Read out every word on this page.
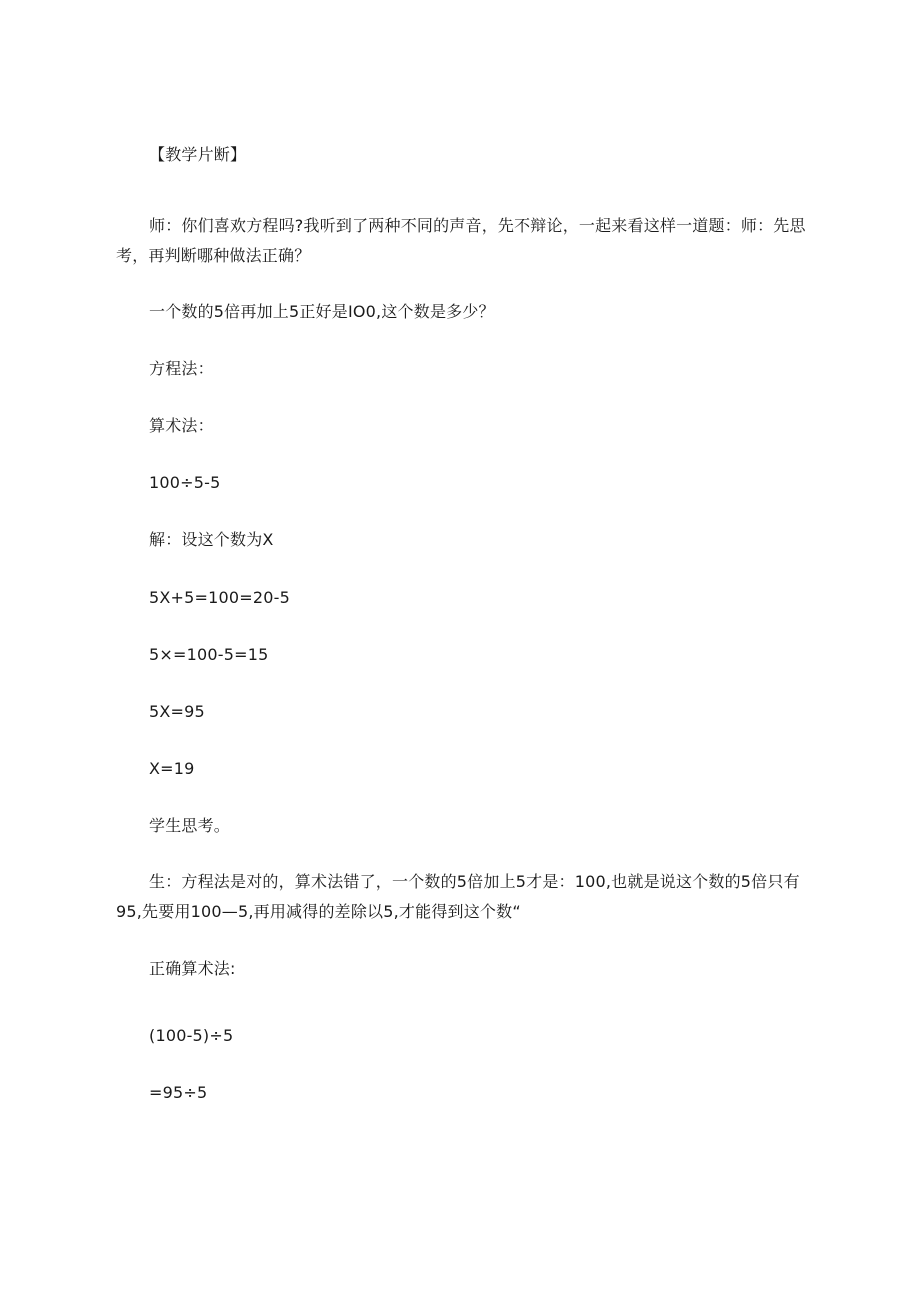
【教学片断】

师：你们喜欢方程吗?我听到了两种不同的声音，先不辩论，一起来看这样一道题：师：先思考，再判断哪种做法正确？

一个数的5倍再加上5正好是IO0,这个数是多少？

方程法：

算术法：

100÷5-5

解：设这个数为X

5X+5=100=20-5

5×=100-5=15

5X=95

X=19

学生思考。

生：方程法是对的，算术法错了，一个数的5倍加上5才是：100,也就是说这个数的5倍只有95,先要用100—5,再用减得的差除以5,才能得到这个数“

正确算术法:

(100-5)÷5

=95÷5
